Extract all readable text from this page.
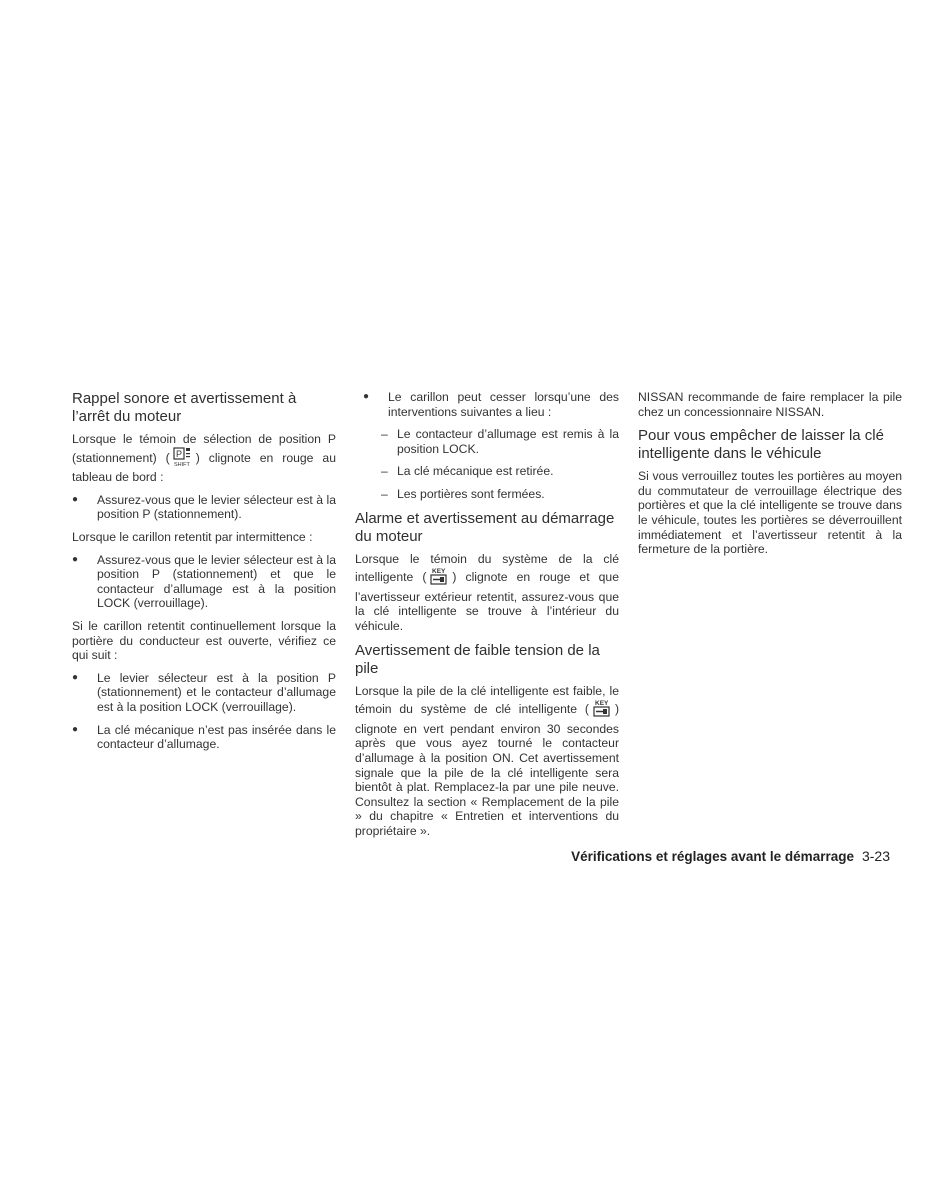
Rappel sonore et avertissement à l’arrêt du moteur

Lorsque le témoin de sélection de position P (stationnement) ( P
SHIFT ) clignote en rouge au tableau de bord :

●	Assurez-vous que le levier sélecteur est à la position P (stationnement).

Lorsque le carillon retentit par intermittence :

●	Assurez-vous que le levier sélecteur est à la position P (stationnement) et que le contacteur d’allumage est à la position LOCK (verrouillage).

Si le carillon retentit continuellement lorsque la portière du conducteur est ouverte, vérifiez ce qui suit :

●	Le levier sélecteur est à la position P (stationnement) et le contacteur d’allumage est à la position LOCK (verrouillage).
●	La clé mécanique n’est pas insérée dans le contacteur d’allumage.
●	Le carillon peut cesser lorsqu’une des interventions suivantes a lieu :
– Le contacteur d’allumage est remis à la position LOCK.
– La clé mécanique est retirée.
– Les portières sont fermées.
Alarme et avertissement au démarrage du moteur

Lorsque le témoin du système de la clé intelligente ( KEY ) clignote en rouge et que l’avertisseur extérieur retentit, assurez-vous que la clé intelligente se trouve à l’intérieur du véhicule.

Avertissement de faible tension de la pile

Lorsque la pile de la clé intelligente est faible, le témoin du système de clé intelligente ( KEY ) clignote en vert pendant environ 30 secondes après que vous ayez tourné le contacteur d’allumage à la position ON. Cet avertissement signale que la pile de la clé intelligente sera bientôt à plat. Remplacez-la par une pile neuve. Consultez la section « Remplacement de la pile » du chapitre « Entretien et interventions du propriétaire ».

NISSAN recommande de faire remplacer la pile chez un concessionnaire NISSAN.

Pour vous empêcher de laisser la clé intelligente dans le véhicule

Si vous verrouillez toutes les portières au moyen du commutateur de verrouillage électrique des portières et que la clé intelligente se trouve dans le véhicule, toutes les portières se déverrouillent immédiatement et l’avertisseur retentit à la fermeture de la portière.

Vérifications et réglages avant le démarrage 3-23
